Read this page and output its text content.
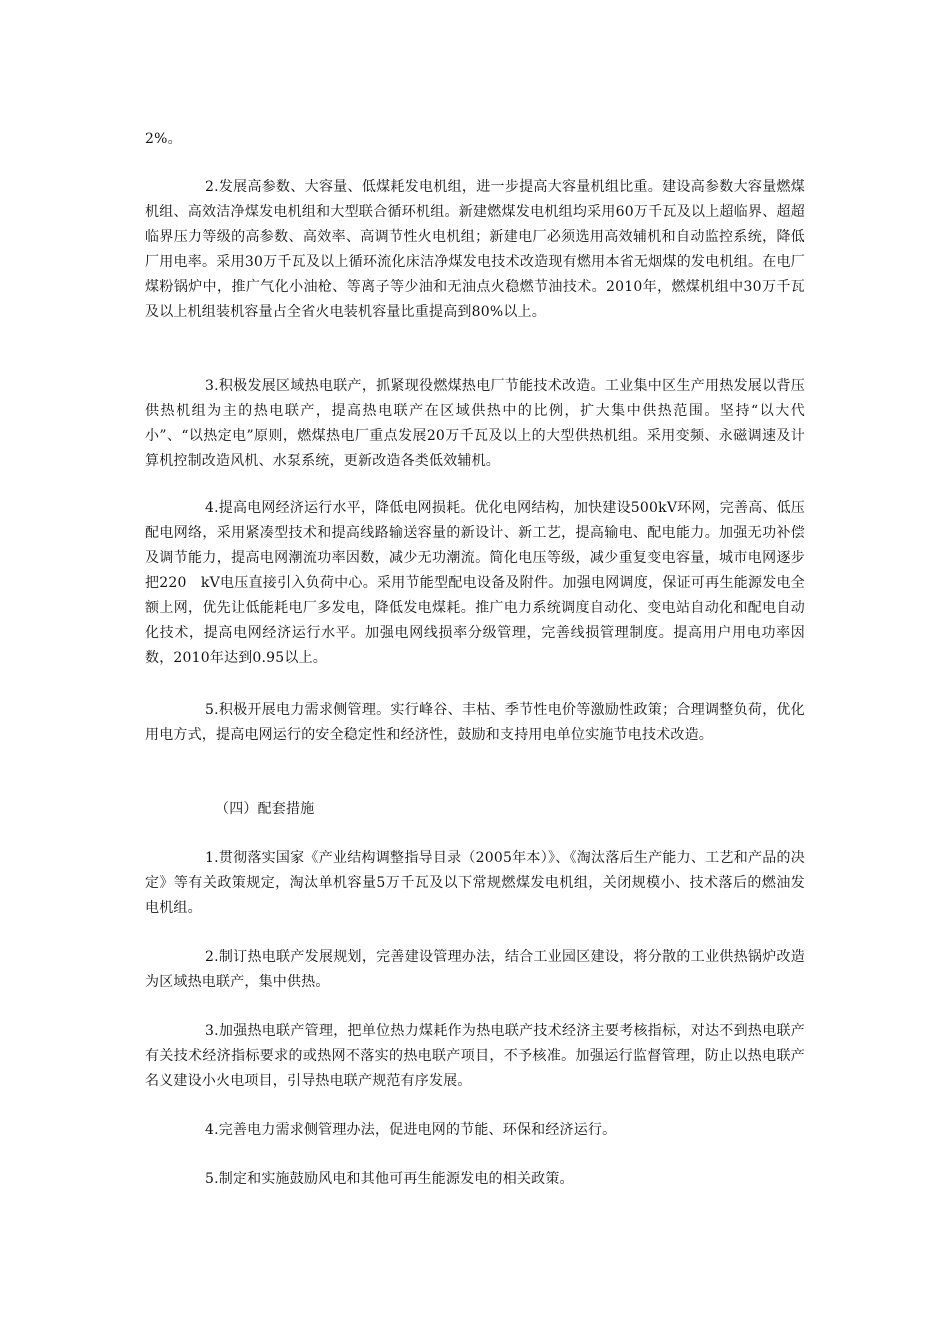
2%。

2.发展高参数、大容量、低煤耗发电机组，进一步提高大容量机组比重。建设高参数大容量燃煤机组、高效洁净煤发电机组和大型联合循环机组。新建燃煤发电机组均采用60万千瓦及以上超临界、超超临界压力等级的高参数、高效率、高调节性火电机组；新建电厂必须选用高效辅机和自动监控系统，降低厂用电率。采用30万千瓦及以上循环流化床洁净煤发电技术改造现有燃用本省无烟煤的发电机组。在电厂煤粉锅炉中，推广气化小油枪、等离子等少油和无油点火稳燃节油技术。2010年，燃煤机组中30万千瓦及以上机组装机容量占全省火电装机容量比重提高到80%以上。

3.积极发展区域热电联产，抓紧现役燃煤热电厂节能技术改造。工业集中区生产用热发展以背压供热机组为主的热电联产，提高热电联产在区域供热中的比例，扩大集中供热范围。坚持“以大代小”、“以热定电”原则，燃煤热电厂重点发展20万千瓦及以上的大型供热机组。采用变频、永磁调速及计算机控制改造风机、水泵系统，更新改造各类低效辅机。

4.提高电网经济运行水平，降低电网损耗。优化电网结构，加快建设500kV环网，完善高、低压配电网络，采用紧凑型技术和提高线路输送容量的新设计、新工艺，提高输电、配电能力。加强无功补偿及调节能力，提高电网潮流功率因数，减少无功潮流。简化电压等级，减少重复变电容量，城市电网逐步把220　kV电压直接引入负荷中心。采用节能型配电设备及附件。加强电网调度，保证可再生能源发电全额上网，优先让低能耗电厂多发电，降低发电煤耗。推广电力系统调度自动化、变电站自动化和配电自动化技术，提高电网经济运行水平。加强电网线损率分级管理，完善线损管理制度。提高用户用电功率因数，2010年达到0.95以上。

5.积极开展电力需求侧管理。实行峰谷、丰枯、季节性电价等激励性政策；合理调整负荷，优化用电方式，提高电网运行的安全稳定性和经济性，鼓励和支持用电单位实施节电技术改造。

（四）配套措施

1.贯彻落实国家《产业结构调整指导目录（2005年本）》、《淘汰落后生产能力、工艺和产品的决定》等有关政策规定，淘汰单机容量5万千瓦及以下常规燃煤发电机组，关闭规模小、技术落后的燃油发电机组。

2.制订热电联产发展规划，完善建设管理办法，结合工业园区建设，将分散的工业供热锅炉改造为区域热电联产，集中供热。

3.加强热电联产管理，把单位热力煤耗作为热电联产技术经济主要考核指标，对达不到热电联产有关技术经济指标要求的或热网不落实的热电联产项目，不予核准。加强运行监督管理，防止以热电联产名义建设小火电项目，引导热电联产规范有序发展。

4.完善电力需求侧管理办法，促进电网的节能、环保和经济运行。

5.制定和实施鼓励风电和其他可再生能源发电的相关政策。
